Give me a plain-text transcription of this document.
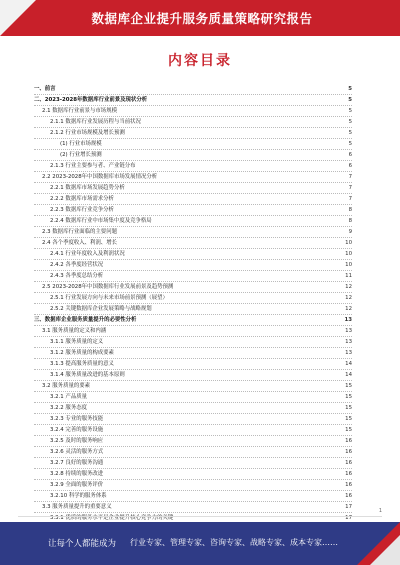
数据库企业提升服务质量策略研究报告
内容目录
一、前言	5
二、2023-2028年数据库行业前景及现状分析	5
2.1 数据库行业前景与市场规模	5
2.1.1 数据库行业发展历程与当前状况	5
2.1.2 行业市场规模及增长预测	5
(1) 行业市场规模	5
(2) 行业增长预测	6
2.1.3 行业主要参与者、产业链分布	6
2.2 2023-2028年中国数据库市场发展情况分析	7
2.2.1 数据库市场发展趋势分析	7
2.2.2 数据库市场需求分析	7
2.2.3 数据库行业竞争分析	8
2.2.4 数据库行业中市场集中度及竞争格局	8
2.3 数据库行业面临的主要问题	9
2.4 各个季度收入、利润、增长	10
2.4.1 行业年度收入及利润状况	10
2.4.2 各季度经营状况	10
2.4.3 各季度总结分析	11
2.5 2023-2028年中国数据库行业发展前景及趋势预测	12
2.5.1 行业发展方向与未来市场前景预测（展望）	12
2.5.2 关键数据库企业发展策略与战略规划	12
三、数据库企业服务质量提升的必要性分析	13
3.1 服务质量的定义和内涵	13
3.1.1 服务质量的定义	13
3.1.2 服务质量的构成要素	13
3.1.3 提高服务质量的意义	14
3.1.4 服务质量改进的基本原则	14
3.2 服务质量的要素	15
3.2.1 产品质量	15
3.2.2 服务态度	15
3.2.3 专业的服务技能	15
3.2.4 完善的服务设施	15
3.2.5 及时的服务响应	16
3.2.6 灵活的服务方式	16
3.2.7 良好的服务沟通	16
3.2.8 持续的服务改进	16
3.2.9 全面的服务评价	16
3.2.10 科学的服务体系	16
3.3 服务质量提升的重要意义	17
3.3.1 优质的服务水平是企业提升核心竞争力的关键	17
1
让每个人都能成为 行业专家、管理专家、咨询专家、战略专家、成本专家……
